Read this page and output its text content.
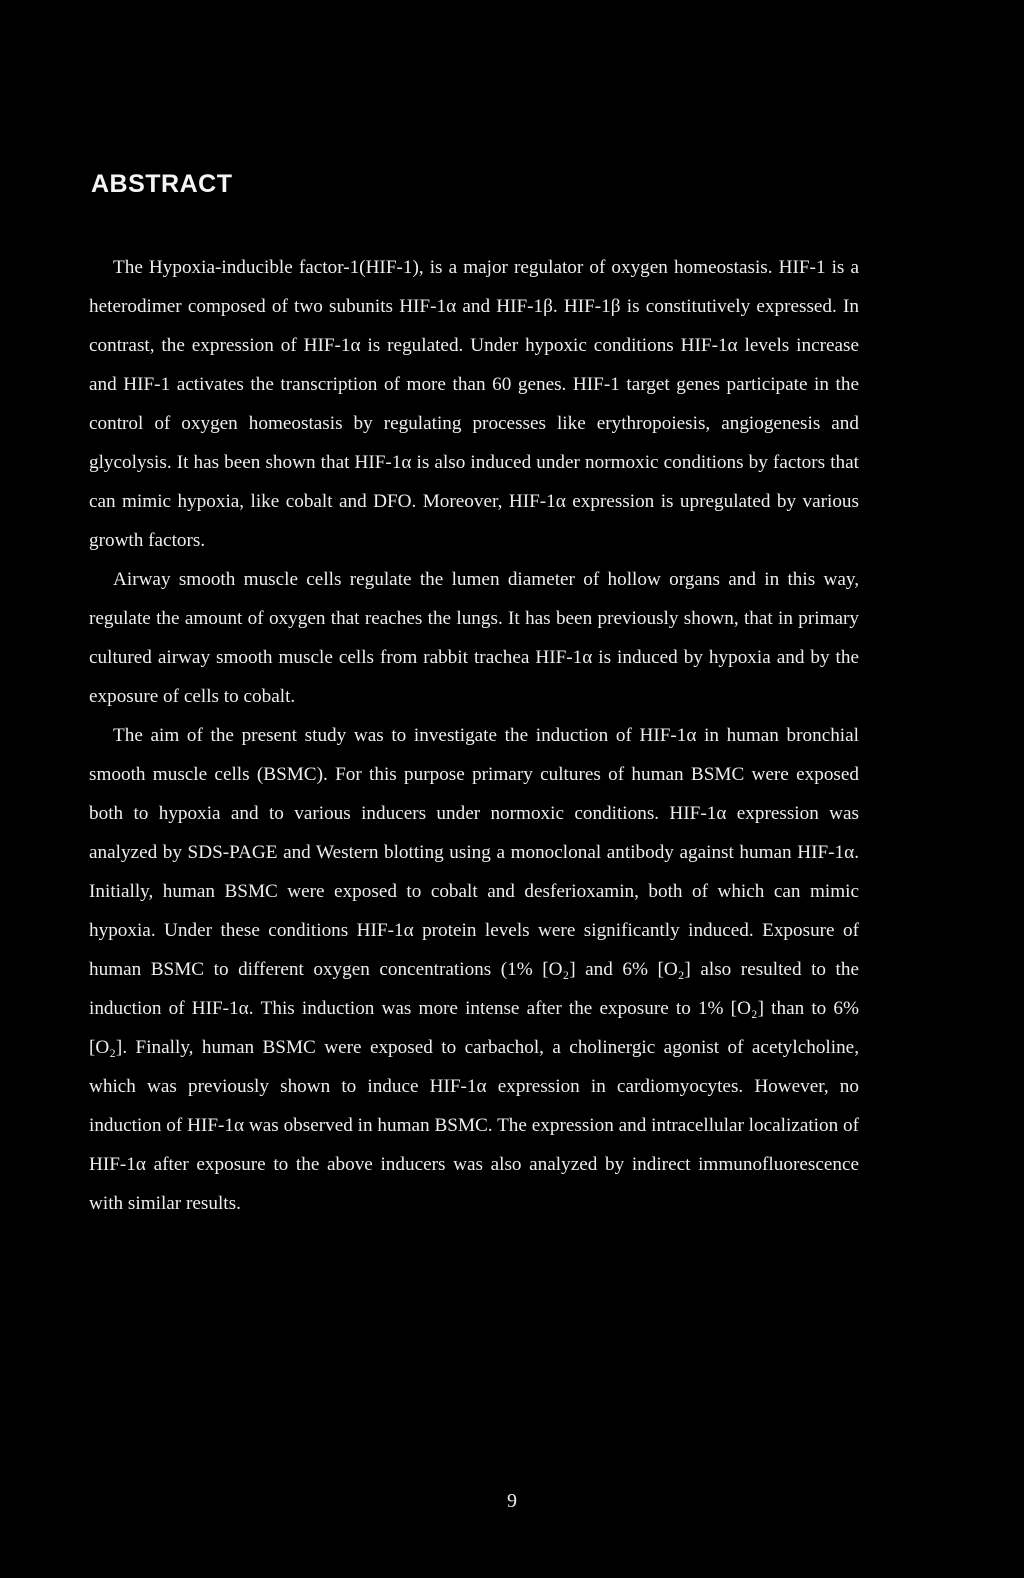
ABSTRACT

The Hypoxia-inducible factor-1(HIF-1), is a major regulator of oxygen homeostasis. HIF-1 is a heterodimer composed of two subunits HIF-1α and HIF-1β. HIF-1β is constitutively expressed. In contrast, the expression of HIF-1α is regulated. Under hypoxic conditions HIF-1α levels increase and HIF-1 activates the transcription of more than 60 genes. HIF-1 target genes participate in the control of oxygen homeostasis by regulating processes like erythropoiesis, angiogenesis and glycolysis. It has been shown that HIF-1α is also induced under normoxic conditions by factors that can mimic hypoxia, like cobalt and DFO. Moreover, HIF-1α expression is upregulated by various growth factors.

Airway smooth muscle cells regulate the lumen diameter of hollow organs and in this way, regulate the amount of oxygen that reaches the lungs. It has been previously shown, that in primary cultured airway smooth muscle cells from rabbit trachea HIF-1α is induced by hypoxia and by the exposure of cells to cobalt.

The aim of the present study was to investigate the induction of HIF-1α in human bronchial smooth muscle cells (BSMC). For this purpose primary cultures of human BSMC were exposed both to hypoxia and to various inducers under normoxic conditions. HIF-1α expression was analyzed by SDS-PAGE and Western blotting using a monoclonal antibody against human HIF-1α. Initially, human BSMC were exposed to cobalt and desferioxamin, both of which can mimic hypoxia. Under these conditions HIF-1α protein levels were significantly induced. Exposure of human BSMC to different oxygen concentrations (1% [O₂] and 6% [O₂] also resulted to the induction of HIF-1α. This induction was more intense after the exposure to 1% [O₂] than to 6% [O₂]. Finally, human BSMC were exposed to carbachol, a cholinergic agonist of acetylcholine, which was previously shown to induce HIF-1α expression in cardiomyocytes. However, no induction of HIF-1α was observed in human BSMC. The expression and intracellular localization of HIF-1α after exposure to the above inducers was also analyzed by indirect immunofluorescence with similar results.

9
